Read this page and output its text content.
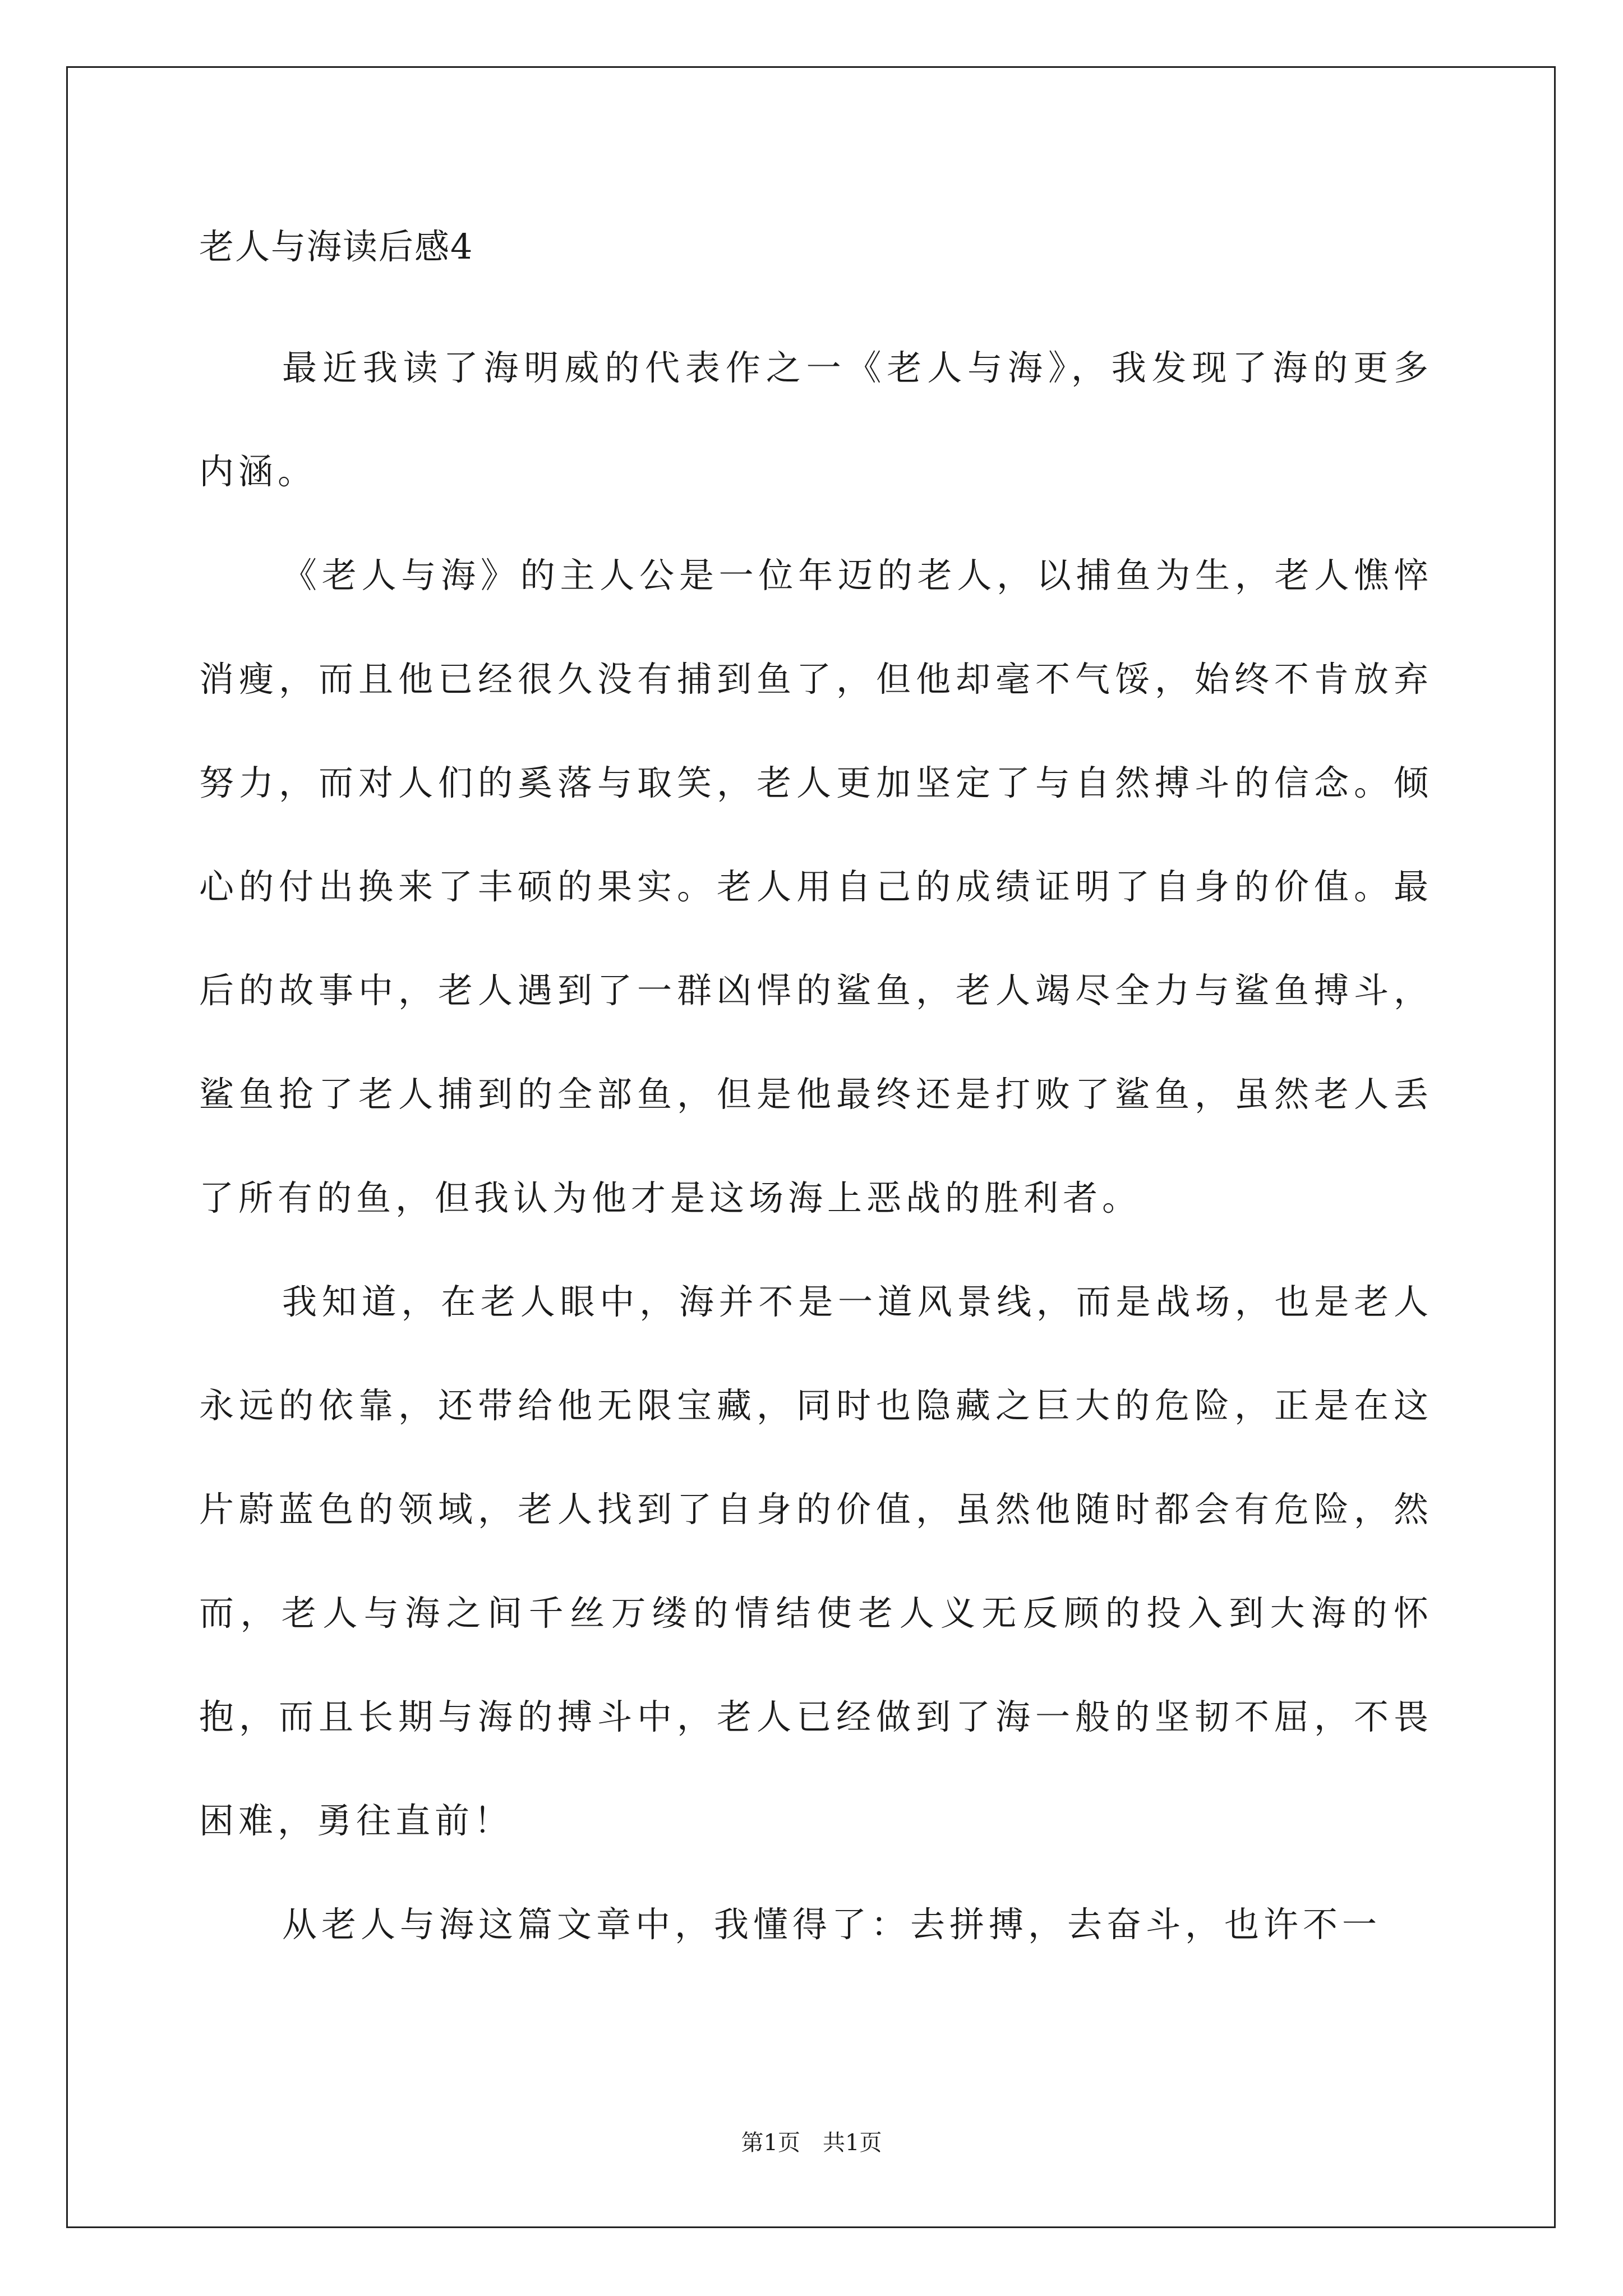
老人与海读后感4

最近我读了海明威的代表作之一《老人与海》，我发现了海的更多内涵。

《老人与海》的主人公是一位年迈的老人，以捕鱼为生，老人憔悴消瘦，而且他已经很久没有捕到鱼了，但他却毫不气馁，始终不肯放弃努力，而对人们的奚落与取笑，老人更加坚定了与自然搏斗的信念。倾心的付出换来了丰硕的果实。老人用自己的成绩证明了自身的价值。最后的故事中，老人遇到了一群凶悍的鲨鱼，老人竭尽全力与鲨鱼搏斗，鲨鱼抢了老人捕到的全部鱼，但是他最终还是打败了鲨鱼，虽然老人丢了所有的鱼，但我认为他才是这场海上恶战的胜利者。

我知道，在老人眼中，海并不是一道风景线，而是战场，也是老人永远的依靠，还带给他无限宝藏，同时也隐藏之巨大的危险，正是在这片蔚蓝色的领域，老人找到了自身的价值，虽然他随时都会有危险，然而，老人与海之间千丝万缕的情结使老人义无反顾的投入到大海的怀抱，而且长期与海的搏斗中，老人已经做到了海一般的坚韧不屈，不畏困难，勇往直前！

从老人与海这篇文章中，我懂得了：去拼搏，去奋斗，也许不一

第1页 共1页
